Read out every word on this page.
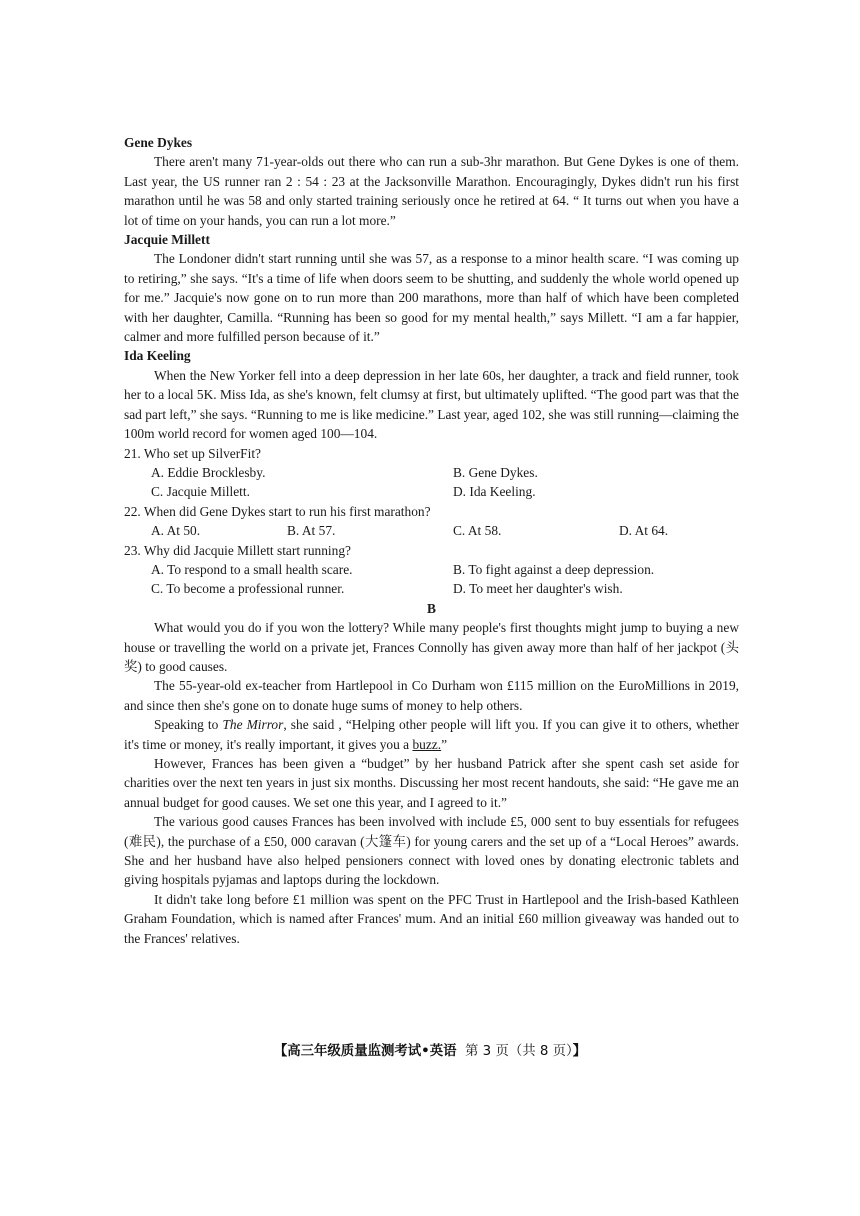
Gene Dykes

There aren't many 71-year-olds out there who can run a sub-3hr marathon. But Gene Dykes is one of them. Last year, the US runner ran 2 : 54 : 23 at the Jacksonville Marathon. Encouragingly, Dykes didn't run his first marathon until he was 58 and only started training seriously once he retired at 64. “ It turns out when you have a lot of time on your hands, you can run a lot more.”

Jacquie Millett

The Londoner didn't start running until she was 57, as a response to a minor health scare. “I was coming up to retiring,” she says. “It's a time of life when doors seem to be shutting, and suddenly the whole world opened up for me.” Jacquie's now gone on to run more than 200 marathons, more than half of which have been completed with her daughter, Camilla. “Running has been so good for my mental health,” says Millett. “I am a far happier, calmer and more fulfilled person because of it.”

Ida Keeling

When the New Yorker fell into a deep depression in her late 60s, her daughter, a track and field runner, took her to a local 5K. Miss Ida, as she's known, felt clumsy at first, but ultimately uplifted. “The good part was that the sad part left,” she says. “Running to me is like medicine.” Last year, aged 102, she was still running—claiming the 100m world record for women aged 100—104.

21. Who set up SilverFit?
A. Eddie Brocklesby.	B. Gene Dykes.
C. Jacquie Millett.	D. Ida Keeling.
22. When did Gene Dykes start to run his first marathon?
A. At 50.	B. At 57.	C. At 58.	D. At 64.
23. Why did Jacquie Millett start running?
A. To respond to a small health scare.	B. To fight against a deep depression.
C. To become a professional runner.	D. To meet her daughter's wish.
B

What would you do if you won the lottery? While many people's first thoughts might jump to buying a new house or travelling the world on a private jet, Frances Connolly has given away more than half of her jackpot (头奖) to good causes.

The 55-year-old ex-teacher from Hartlepool in Co Durham won £115 million on the EuroMillions in 2019, and since then she's gone on to donate huge sums of money to help others.

Speaking to The Mirror, she said , “Helping other people will lift you. If you can give it to others, whether it's time or money, it's really important, it gives you a buzz.”

However, Frances has been given a “budget” by her husband Patrick after she spent cash set aside for charities over the next ten years in just six months. Discussing her most recent handouts, she said: “He gave me an annual budget for good causes. We set one this year, and I agreed to it.”

The various good causes Frances has been involved with include £5, 000 sent to buy essentials for refugees (难民), the purchase of a £50, 000 caravan (大篷车) for young carers and the set up of a “Local Heroes” awards. She and her husband have also helped pensioners connect with loved ones by donating electronic tablets and giving hospitals pyjamas and laptops during the lockdown.

It didn't take long before £1 million was spent on the PFC Trust in Hartlepool and the Irish-based Kathleen Graham Foundation, which is named after Frances' mum. And an initial £60 million giveaway was handed out to the Frances' relatives.

【高三年级质量监测考试•英语 第 3 页（共 8 页）】
